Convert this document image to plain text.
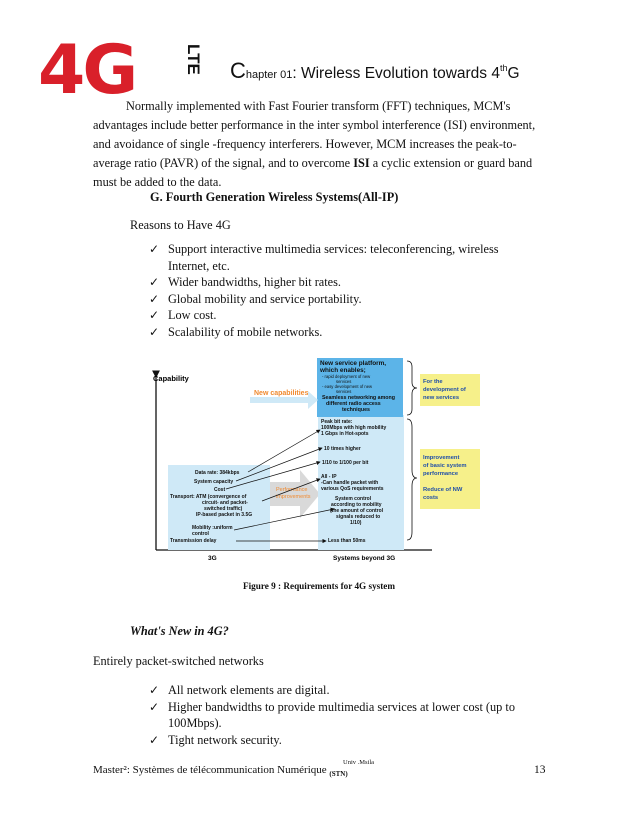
4G	LTE Chapter 01: Wireless Evolution towards 4thG
Normally implemented with Fast Fourier transform (FFT) techniques, MCM's
advantages include better performance in the inter symbol interference (ISI) environment,
and avoidance of single -frequency interferers. However, MCM increases the peak-to-
average ratio (PAVR) of the signal, and to overcome ISI a cyclic extension or guard band
must be added to the data.
G. Fourth Generation Wireless Systems(All-IP)
Reasons to Have 4G
✓ Support interactive multimedia services: teleconferencing, wireless Internet, etc.
✓ Wider bandwidths, higher bit rates.
✓ Global mobility and service portability.
✓ Low cost.
✓ Scalability of mobile networks.
Capability
New capabilities
New service platform,
which enables;
- rapid deployment of new
services
- easy development of new
services
Seamless networking among
different radio access
techniques
For the
development of
new services
Improvement
of basic system
performance
Reduce of NW
costs
Peak bit rate:
100Mbps with high mobility
1 Gbps in Hot-spots
10 times higher
1/10 to 1/100 per bit
All - IP
-Can handle packet with
various QoS requirements
System control
according to mobility
(the amount of control
signals reduced to
1/10)
Less than 50ms
Data rate: 384kbps
System capacity
Cost
Transport: ATM (convergence of
circuit- and packet-
switched traffic)
IP-based packet in 3.5G
Mobility :uniform
control
Transmission delay
Performance
improvements
3G	Systems beyond 3G
Figure 9 : Requirements for 4G system
What's New in 4G?
Entirely packet-switched networks
✓ All network elements are digital.
✓ Higher bandwidths to provide multimedia services at lower cost (up to 100Mbps).
✓ Tight network security.
Master²: Systèmes de télécommunication Numérique $_{(STN)}$
Univ .Msila
13
